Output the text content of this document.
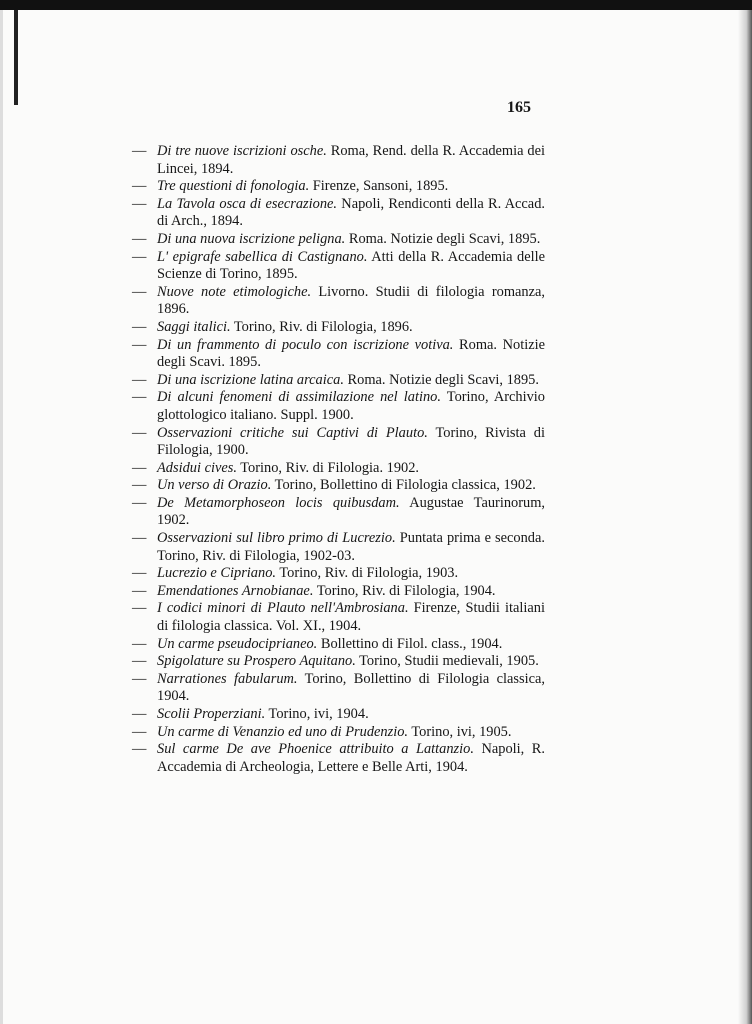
165
— Di tre nuove iscrizioni osche. Roma, Rend. della R. Accademia dei Lincei, 1894.
— Tre questioni di fonologia. Firenze, Sansoni, 1895.
— La Tavola osca di esecrazione. Napoli, Rendiconti della R. Accad. di Arch., 1894.
— Di una nuova iscrizione peligna. Roma. Notizie degli Scavi, 1895.
— L' epigrafe sabellica di Castignano. Atti della R. Accademia delle Scienze di Torino, 1895.
— Nuove note etimologiche. Livorno. Studii di filologia romanza, 1896.
— Saggi italici. Torino, Riv. di Filologia, 1896.
— Di un frammento di poculo con iscrizione votiva. Roma. Notizie degli Scavi. 1895.
— Di una iscrizione latina arcaica. Roma. Notizie degli Scavi, 1895.
— Di alcuni fenomeni di assimilazione nel latino. Torino, Archivio glottologico italiano. Suppl. 1900.
— Osservazioni critiche sui Captivi di Plauto. Torino, Rivista di Filologia, 1900.
— Adsidui cives. Torino, Riv. di Filologia. 1902.
— Un verso di Orazio. Torino, Bollettino di Filologia classica, 1902.
— De Metamorphoseon locis quibusdam. Augustae Taurinorum, 1902.
— Osservazioni sul libro primo di Lucrezio. Puntata prima e seconda. Torino, Riv. di Filologia, 1902-03.
— Lucrezio e Cipriano. Torino, Riv. di Filologia, 1903.
— Emendationes Arnobianae. Torino, Riv. di Filologia, 1904.
— I codici minori di Plauto nell'Ambrosiana. Firenze, Studii italiani di filologia classica. Vol. XI., 1904.
— Un carme pseudociprianeo. Bollettino di Filol. class., 1904.
— Spigolature su Prospero Aquitano. Torino, Studii medievali, 1905.
— Narrationes fabularum. Torino, Bollettino di Filologia classica, 1904.
— Scolii Properziani. Torino, ivi, 1904.
— Un carme di Venanzio ed uno di Prudenzio. Torino, ivi, 1905.
— Sul carme De ave Phoenice attribuito a Lattanzio. Napoli, R. Accademia di Archeologia, Lettere e Belle Arti, 1904.
